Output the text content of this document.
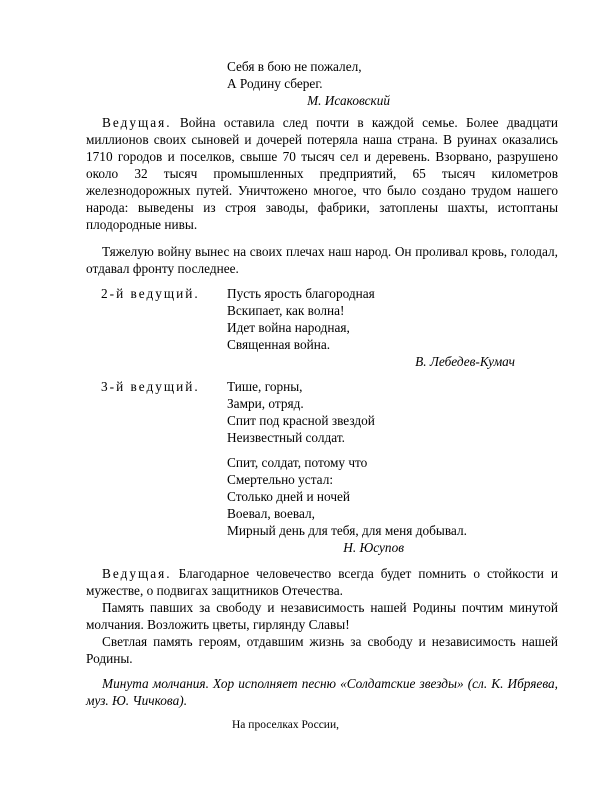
Себя в бою не пожалел,
А Родину сберег.
М. Исаковский

Ведущая. Война оставила след почти в каждой семье. Более двадцати миллионов своих сыновей и дочерей потеряла наша страна. В руинах оказались 1710 городов и поселков, свыше 70 тысяч сел и деревень. Взорвано, разрушено около 32 тысяч промышленных предприятий, 65 тысяч километров железнодорожных путей. Уничтожено многое, что было создано трудом нашего народа: выведены из строя заводы, фабрики, затоплены шахты, истоптаны плодородные нивы.

Тяжелую войну вынес на своих плечах наш народ. Он проливал кровь, голодал, отдавал фронту последнее.

2-й ведущий. Пусть ярость благородная
Вскипает, как волна!
Идет война народная,
Священная война.
В. Лебедев-Кумач
3-й ведущий. Тише, горны,
Замри, отряд.
Спит под красной звездой
Неизвестный солдат.
Спит, солдат, потому что
Смертельно устал:
Столько дней и ночей
Воевал, воевал,
Мирный день для тебя, для меня добывал.
Н. Юсупов

Ведущая. Благодарное человечество всегда будет помнить о стойкости и мужестве, о подвигах защитников Отечества.

Память павших за свободу и независимость нашей Родины почтим минутой молчания. Возложить цветы, гирлянду Славы!

Светлая память героям, отдавшим жизнь за свободу и независимость нашей Родины.

Минута молчания. Хор исполняет песню «Солдатские звезды» (сл. К. Ибряева, муз. Ю. Чичкова).

На проселках России,
